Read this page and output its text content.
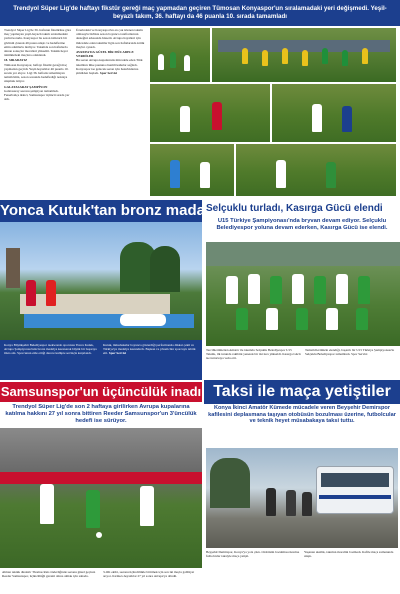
Trendyol Süper Lig'de haftayı fikstür gereği maç yapmadan geçiren Tümosan Konyaspor'un sıralamadaki yeri değişmedi. Yeşil-beyazlı takım, 36. haftayı da 46 puanla 10. sırada tamamladı
Trendyol Süper Lig'de 36. haftanın fikstürüne göre maç yapmayan yeşil-beyazlı takım sıralamadaki yerini korudu. Konyaspor bu sezon istikrarlı bir görüntü çizerek 46 puana ulaştı ve hedeflerine emin adımlarla ilerliyor. Takımda son haftalarda alınan sonuçlar moralleri yükseltti. Teknik heyet önümüzdeki maçlara odaklandı.
18. SIRADAYIZ
Tümosan Konyaspor, haftayı fikstür gereği maç yapmadan geçirdi. Yeşil-beyazlılar 46 puanla 10. sırada yer alıyor. Ligi 36. haftada tamamlayan temsilcimiz, sezon sonunda hedeflediği noktaya ulaşmak istiyor.
GALATASARAY ŞAMPİYON
Galatasaray sezonu şampiyon tamamladı. Fenerbahçe ikinci, Samsunspor üçüncü sırada yer aldı.
Üzerindeki ve Konyaspor'un en çok izlenen takımı olmasıyla birlikte sezon boyunca taraftarlarının desteğini arkasında hissetti. Avrupa hayalleri için mücadele eden takımlar ligin son haftalarında kritik maçlar oynadı.
AVRUPA'DA GÜZEL BİR MÜCADELE VERDİLER
Bu sezon Avrupa kupalarında mücadele eden Türk takımları ülke puanına önemli katkılar sağladı. Konyaspor ise gelecek sezon için hazırlıklarına şimdiden başladı. Spor Servisi
Yonca Kutuk'tan bronz madalya
Konya Büyükşehir Belediyespor taekwondo sporcusu Yonca Kutuk, Avrupa Şampiyonası'nda bronz madalya kazanarak büyük bir başarıya imza attı. Sporcunun elde ettiği derece kulüpte sevinçle karşılandı.
Kutuk, müsabakalar boyunca gösterdiği performansla dikkat çekti ve Türkiye'ye madalya kazandırdı. Başkan ve yöneticiler sporcuyu tebrik etti. Spor Servisi
Selçuklu turladı, Kasırga Gücü elendi
U15 Türkiye Şampiyonası'nda bryvan devam ediyor. Selçuklu Belediyespor yoluna devam ederken, Kasırga Gücü ise elendi.
Tercihlerimizden Amatör ile takımda Selçuklu Belediyespor U15 Takımı, ilk turunda rakibini yenerek bir üst tura yükseldi. Kasırga Gücü ise turnuvaya veda etti.
Temsilcilerimizin elendiği, başarılı bir U15 Türkiye Şampiyonası'nı Selçuklu Belediyespor tamamladı. Spor Servisi
Samsunspor'un üçüncülük inadı
Trendyol Süper Lig'de son 2 haftaya girilirken Avrupa kupalarına katılma hakkını 27 yıl sonra bittiren Reeder Samsunspor'un 3'üncülük hedefi ise sürüyor.
Alman teknik direktör Thomas Reis önderliğinde sezonu güzel geçiren Reeder Samsunspor, üçüncülüğü garanti altına almak için sahada.
3-OK ekibi, sezonu üçüncülükle bitirmek için son iki maçta galibiyet arıyor. Kırmızı-beyazlılar 27 yıl sonra Avrupa'ya döndü.
Taksi ile maça yetiştiler
Konya İkinci Amatör Kümede mücadele veren Beyşehir Demirspor kafilesini deplasmana taşıyan otobüsün bozulması üzerine, futbolcular ve teknik heyet müsabakaya taksi tuttu.
Beyşehir Demirspor, Konya'ya yola çıktı. Otobüsün bozulması üzerine futbolcular taksiyle maça yetişti.
Yaşanan aksilik, takımın moralini bozmadı. Kafile maça zamanında ulaştı.
